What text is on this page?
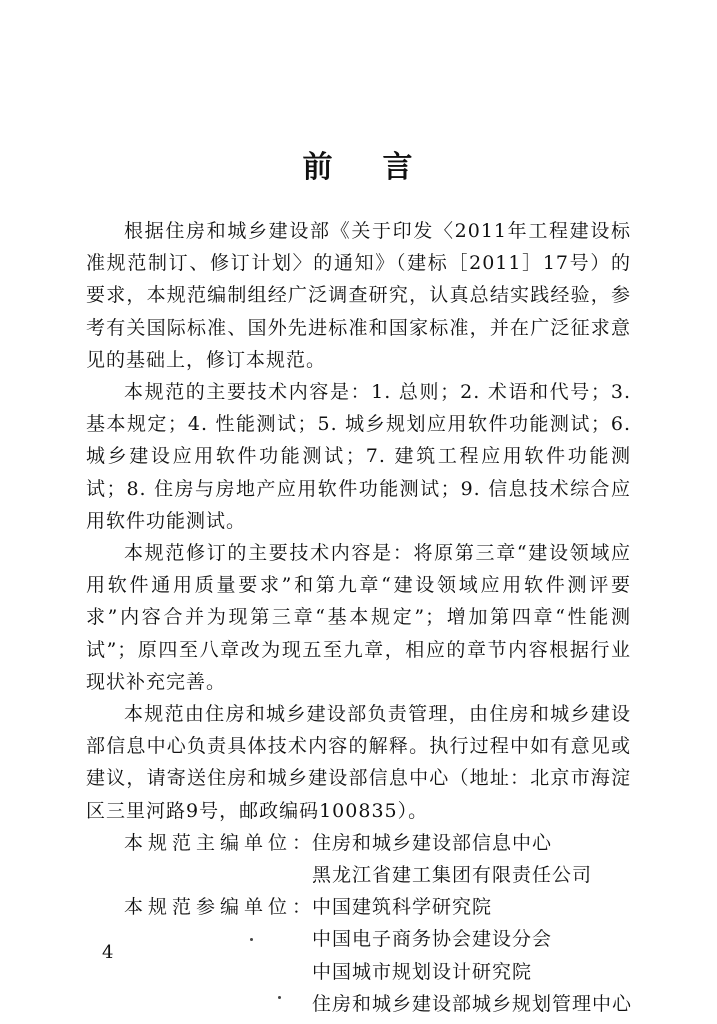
前 言

根据住房和城乡建设部《关于印发〈2011年工程建设标准规范制订、修订计划〉的通知》（建标［2011］17号）的要求，本规范编制组经广泛调查研究，认真总结实践经验，参考有关国际标准、国外先进标准和国家标准，并在广泛征求意见的基础上，修订本规范。

本规范的主要技术内容是：1. 总则；2. 术语和代号；3. 基本规定；4. 性能测试；5. 城乡规划应用软件功能测试；6. 城乡建设应用软件功能测试；7. 建筑工程应用软件功能测试；8. 住房与房地产应用软件功能测试；9. 信息技术综合应用软件功能测试。

本规范修订的主要技术内容是：将原第三章“建设领域应用软件通用质量要求”和第九章“建设领域应用软件测评要求”内容合并为现第三章“基本规定”；增加第四章“性能测试”；原四至八章改为现五至九章，相应的章节内容根据行业现状补充完善。

本规范由住房和城乡建设部负责管理，由住房和城乡建设部信息中心负责具体技术内容的解释。执行过程中如有意见或建议，请寄送住房和城乡建设部信息中心（地址：北京市海淀区三里河路9号，邮政编码100835）。

本规范主编单位：
住房和城乡建设部信息中心
黑龙江省建工集团有限责任公司
本规范参编单位：
中国建筑科学研究院
中国电子商务协会建设分会
中国城市规划设计研究院
住房和城乡建设部城乡规划管理中心
4
